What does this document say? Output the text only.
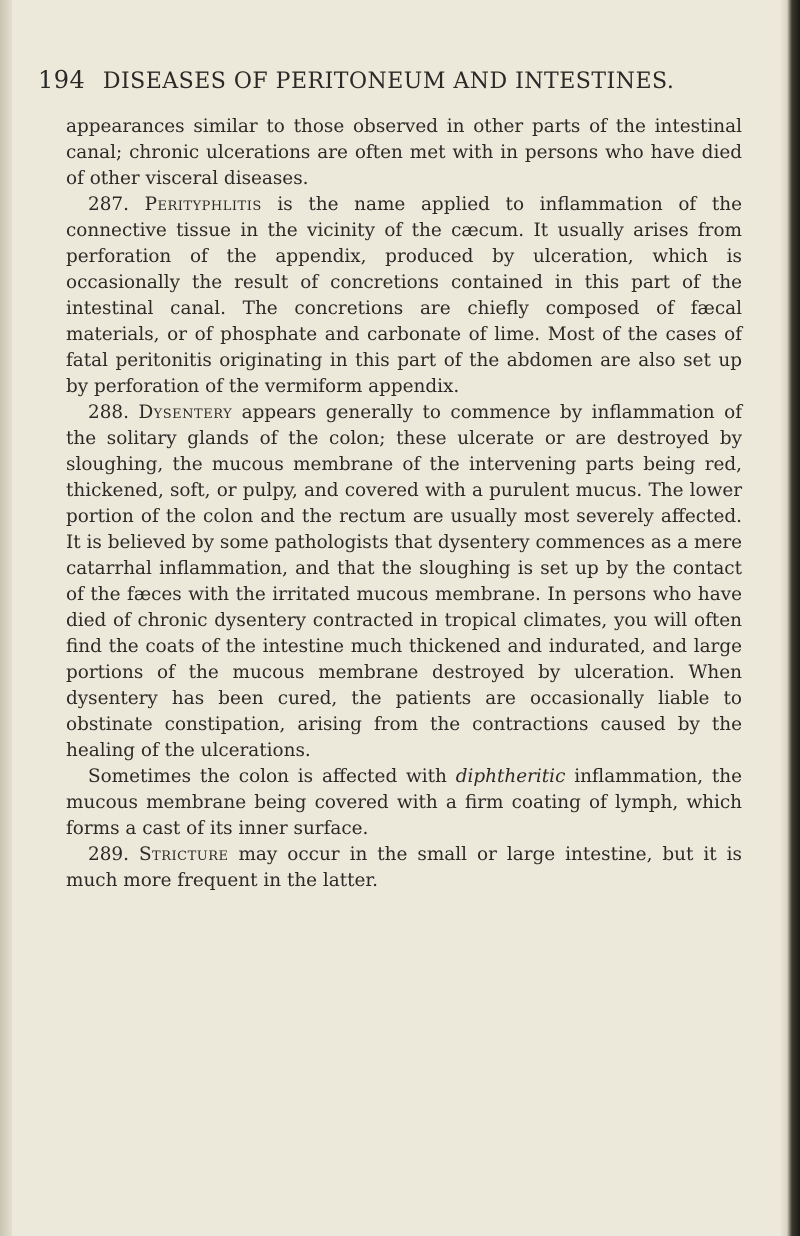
194 DISEASES OF PERITONEUM AND INTESTINES.

appearances similar to those observed in other parts of the intestinal canal; chronic ulcerations are often met with in persons who have died of other visceral diseases.

287. Perityphlitis is the name applied to inflammation of the connective tissue in the vicinity of the cæcum. It usually arises from perforation of the appendix, produced by ulceration, which is occasionally the result of concretions contained in this part of the intestinal canal. The concretions are chiefly composed of fæcal materials, or of phosphate and carbonate of lime. Most of the cases of fatal peritonitis originating in this part of the abdomen are also set up by perforation of the vermiform appendix.

288. Dysentery appears generally to commence by inflammation of the solitary glands of the colon; these ulcerate or are destroyed by sloughing, the mucous membrane of the intervening parts being red, thickened, soft, or pulpy, and covered with a purulent mucus. The lower portion of the colon and the rectum are usually most severely affected. It is believed by some pathologists that dysentery commences as a mere catarrhal inflammation, and that the sloughing is set up by the contact of the fæces with the irritated mucous membrane. In persons who have died of chronic dysentery contracted in tropical climates, you will often find the coats of the intestine much thickened and indurated, and large portions of the mucous membrane destroyed by ulceration. When dysentery has been cured, the patients are occasionally liable to obstinate constipation, arising from the contractions caused by the healing of the ulcerations.

Sometimes the colon is affected with diphtheritic inflammation, the mucous membrane being covered with a firm coating of lymph, which forms a cast of its inner surface.

289. Stricture may occur in the small or large intestine, but it is much more frequent in the latter.
